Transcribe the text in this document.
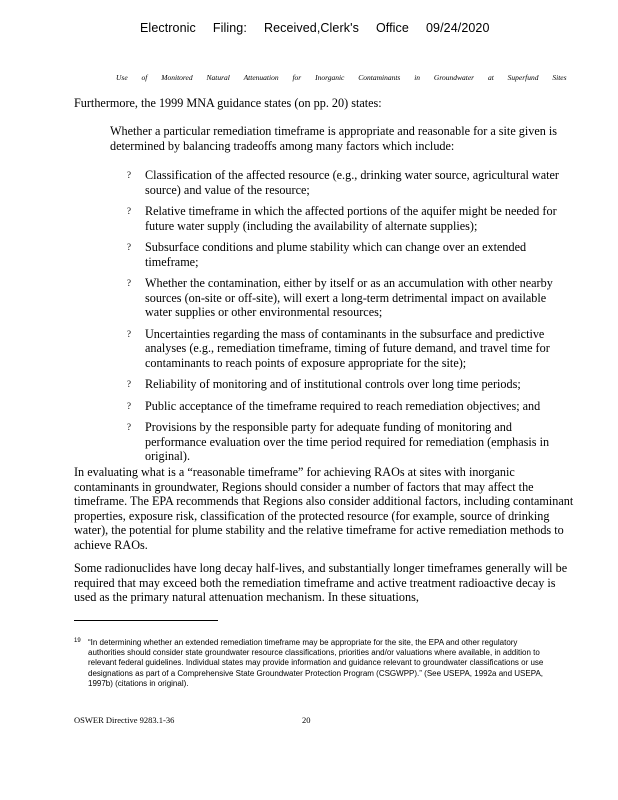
Electronic Filing: Received,Clerk's Office 09/24/2020
Use of Monitored Natural Attenuation for Inorganic Contaminants in Groundwater at Superfund Sites
Furthermore, the 1999 MNA guidance states (on pp. 20) states:
Whether a particular remediation timeframe is appropriate and reasonable for a site given is determined by balancing tradeoffs among many factors which include:
? Classification of the affected resource (e.g., drinking water source, agricultural water source) and value of the resource;
? Relative timeframe in which the affected portions of the aquifer might be needed for future water supply (including the availability of alternate supplies);
? Subsurface conditions and plume stability which can change over an extended timeframe;
? Whether the contamination, either by itself or as an accumulation with other nearby sources (on-site or off-site), will exert a long-term detrimental impact on available water supplies or other environmental resources;
? Uncertainties regarding the mass of contaminants in the subsurface and predictive analyses (e.g., remediation timeframe, timing of future demand, and travel time for contaminants to reach points of exposure appropriate for the site);
? Reliability of monitoring and of institutional controls over long time periods;
? Public acceptance of the timeframe required to reach remediation objectives; and
? Provisions by the responsible party for adequate funding of monitoring and performance evaluation over the time period required for remediation (emphasis in original).
In evaluating what is a “reasonable timeframe” for achieving RAOs at sites with inorganic contaminants in groundwater, Regions should consider a number of factors that may affect the timeframe. The EPA recommends that Regions also consider additional factors, including contaminant properties, exposure risk, classification of the protected resource (for example, source of drinking water), the potential for plume stability and the relative timeframe for active remediation methods to achieve RAOs.
Some radionuclides have long decay half-lives, and substantially longer timeframes generally will be required that may exceed both the remediation timeframe and active treatment radioactive decay is used as the primary natural attenuation mechanism. In these situations,
19 “In determining whether an extended remediation timeframe may be appropriate for the site, the EPA and other regulatory authorities should consider state groundwater resource classifications, priorities and/or valuations where available, in addition to relevant federal guidelines. Individual states may provide information and guidance relevant to groundwater classifications or use designations as part of a Comprehensive State Groundwater Protection Program (CSGWPP).” (See USEPA, 1992a and USEPA, 1997b) (citations in original).
OSWER Directive 9283.1-36	20
